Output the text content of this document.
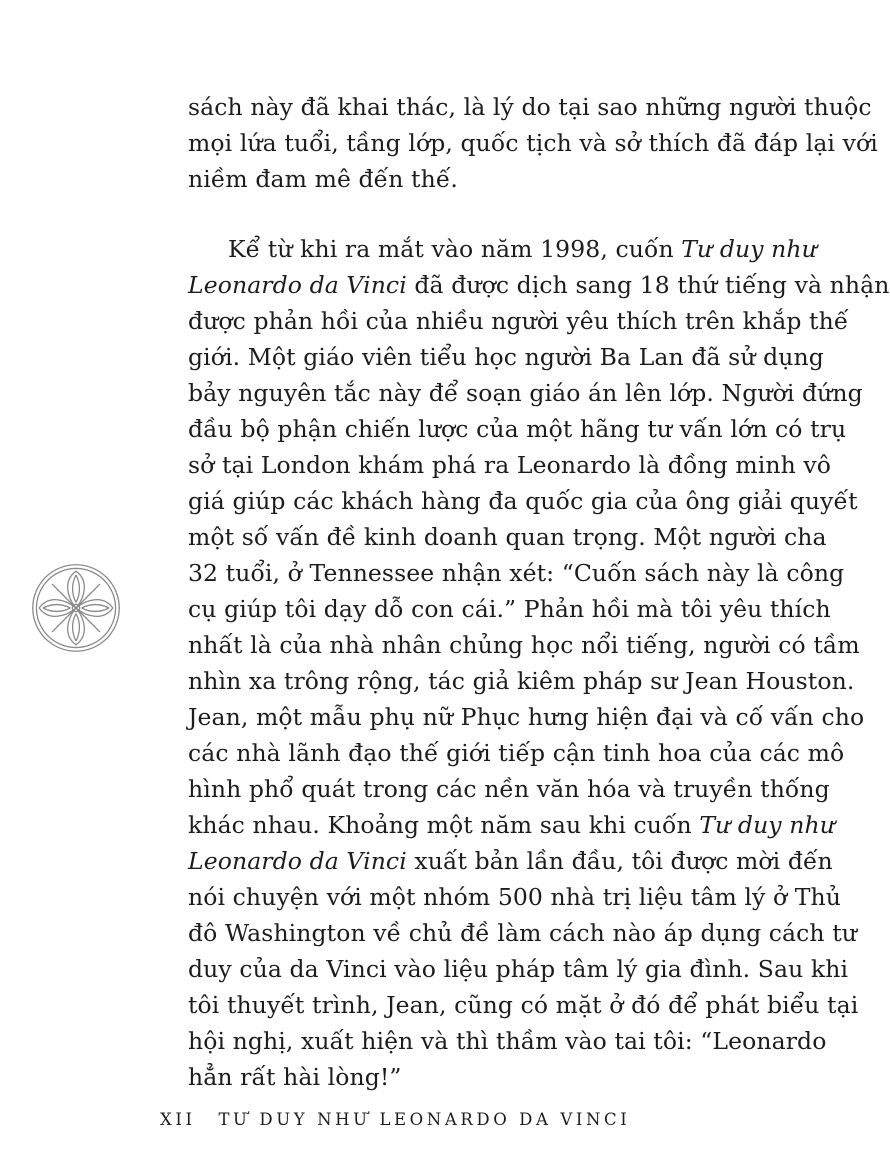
sách này đã khai thác, là lý do tại sao những người thuộc
mọi lứa tuổi, tầng lớp, quốc tịch và sở thích đã đáp lại với
niềm đam mê đến thế.
Kể từ khi ra mắt vào năm 1998, cuốn Tư duy như
Leonardo da Vinci đã được dịch sang 18 thứ tiếng và nhận
được phản hồi của nhiều người yêu thích trên khắp thế
giới. Một giáo viên tiểu học người Ba Lan đã sử dụng
bảy nguyên tắc này để soạn giáo án lên lớp. Người đứng
đầu bộ phận chiến lược của một hãng tư vấn lớn có trụ
sở tại London khám phá ra Leonardo là đồng minh vô
giá giúp các khách hàng đa quốc gia của ông giải quyết
một số vấn đề kinh doanh quan trọng. Một người cha
32 tuổi, ở Tennessee nhận xét: “Cuốn sách này là công
cụ giúp tôi dạy dỗ con cái.” Phản hồi mà tôi yêu thích
nhất là của nhà nhân chủng học nổi tiếng, người có tầm
nhìn xa trông rộng, tác giả kiêm pháp sư Jean Houston.
Jean, một mẫu phụ nữ Phục hưng hiện đại và cố vấn cho
các nhà lãnh đạo thế giới tiếp cận tinh hoa của các mô
hình phổ quát trong các nền văn hóa và truyền thống
khác nhau. Khoảng một năm sau khi cuốn Tư duy như
Leonardo da Vinci xuất bản lần đầu, tôi được mời đến
nói chuyện với một nhóm 500 nhà trị liệu tâm lý ở Thủ
đô Washington về chủ đề làm cách nào áp dụng cách tư
duy của da Vinci vào liệu pháp tâm lý gia đình. Sau khi
tôi thuyết trình, Jean, cũng có mặt ở đó để phát biểu tại
hội nghị, xuất hiện và thì thầm vào tai tôi: “Leonardo
hẳn rất hài lòng!”
XII TƯ DUY NHƯ LEONARDO DA VINCI
